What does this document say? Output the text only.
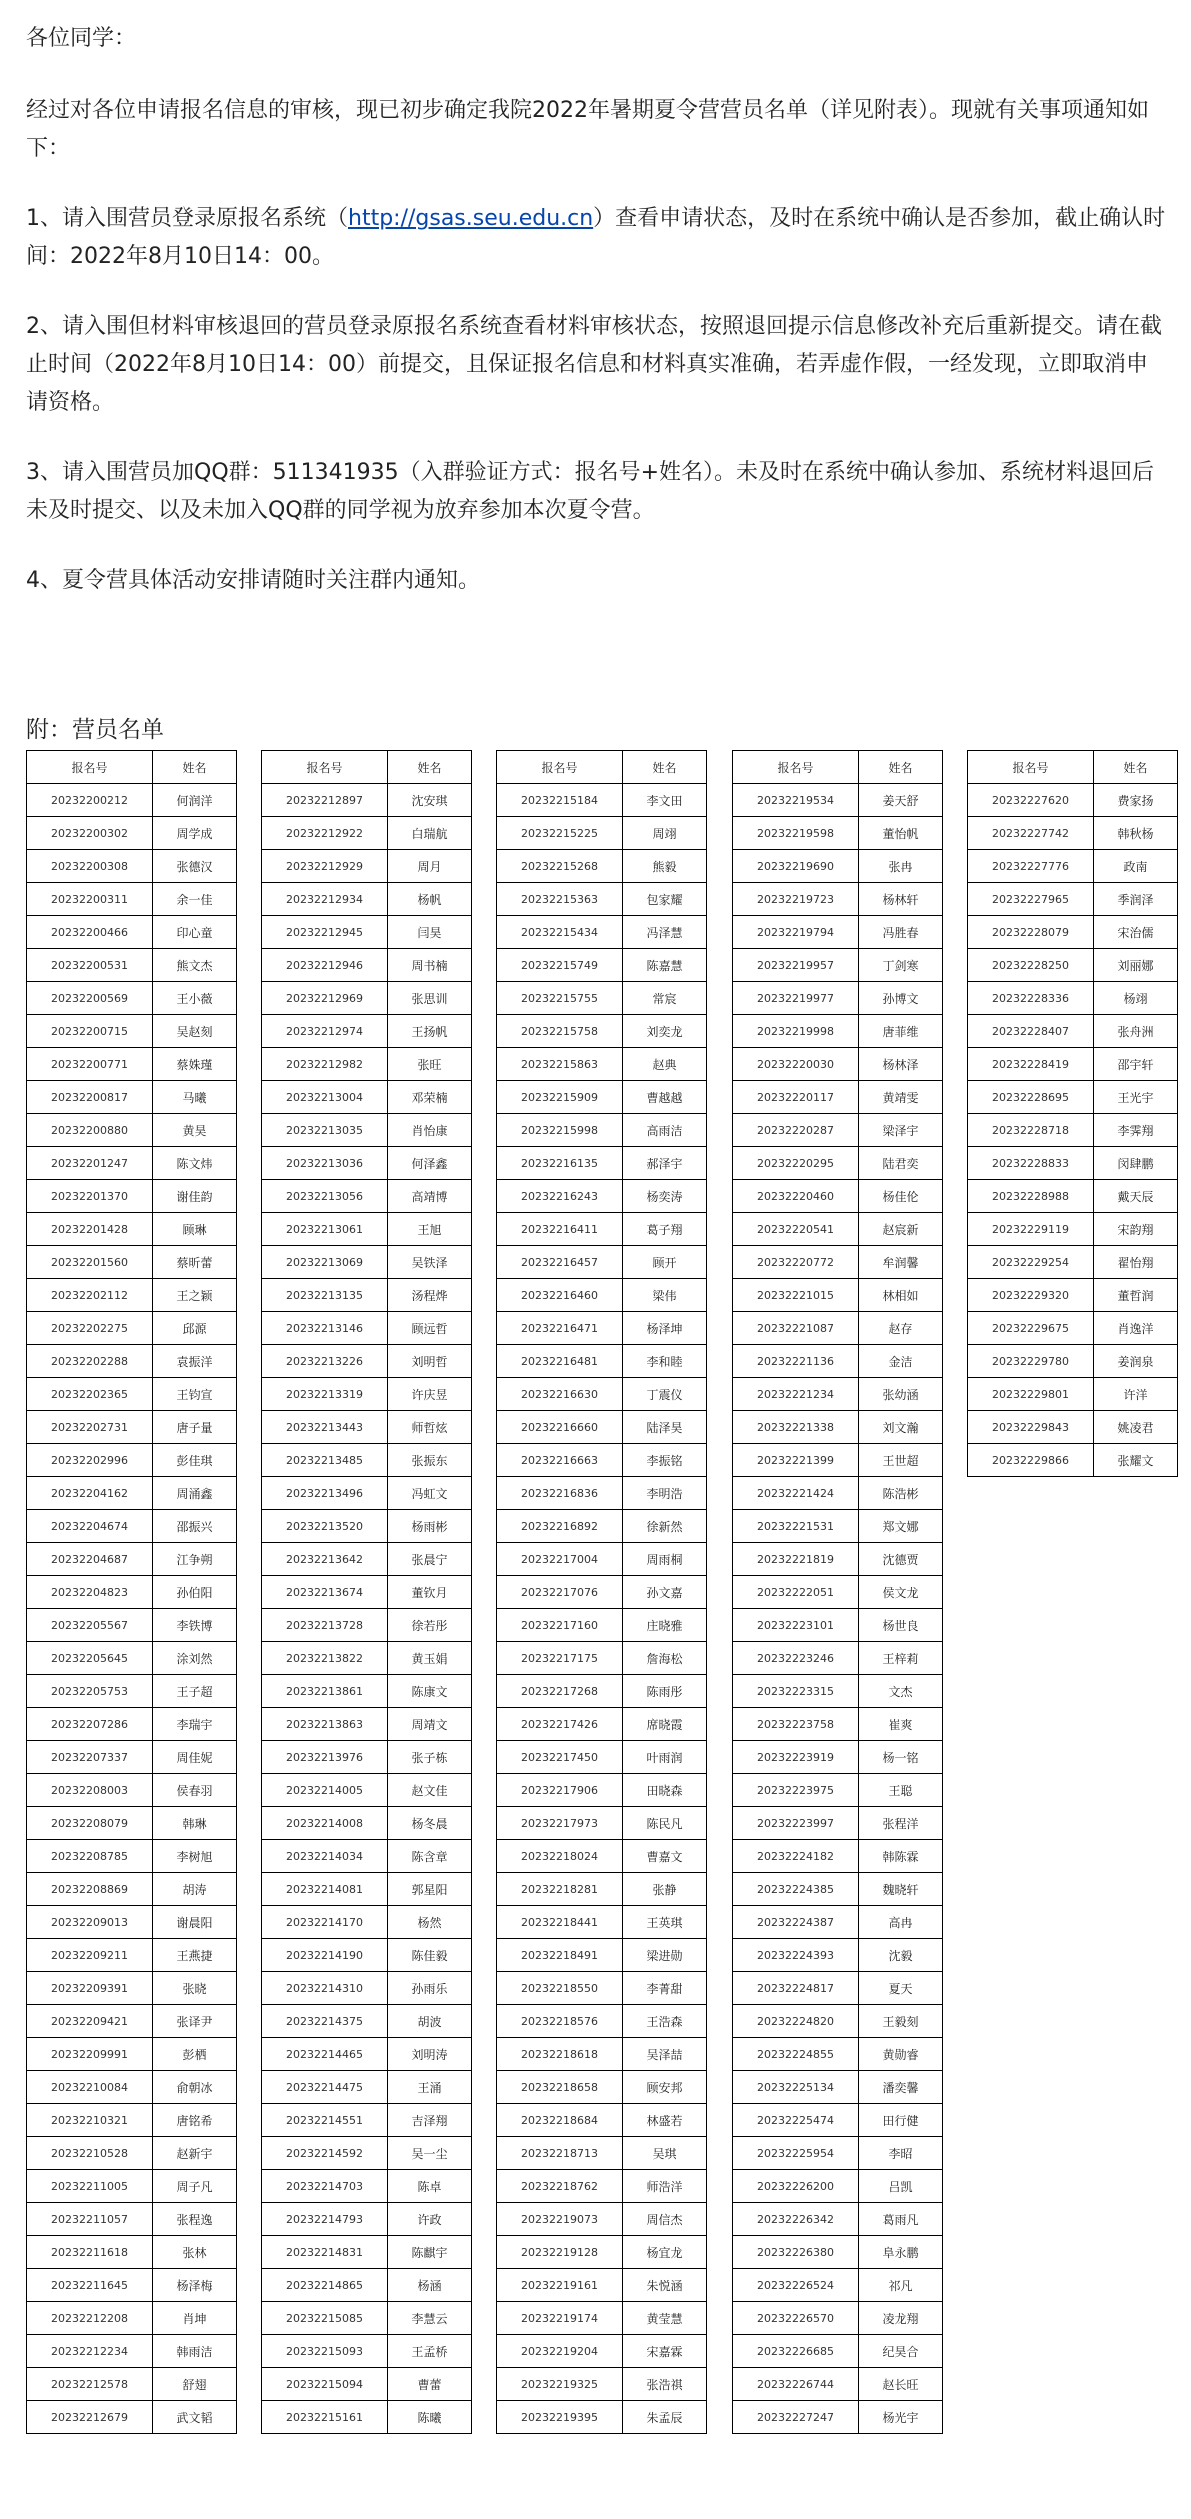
各位同学：

经过对各位申请报名信息的审核，现已初步确定我院2022年暑期夏令营营员名单（详见附表）。现就有关事项通知如下：

1、请入围营员登录原报名系统（http://gsas.seu.edu.cn）查看申请状态，及时在系统中确认是否参加，截止确认时间：2022年8月10日14：00。

2、请入围但材料审核退回的营员登录原报名系统查看材料审核状态，按照退回提示信息修改补充后重新提交。请在截止时间（2022年8月10日14：00）前提交，且保证报名信息和材料真实准确，若弄虚作假，一经发现，立即取消申请资格。

3、请入围营员加QQ群：511341935（入群验证方式：报名号+姓名）。未及时在系统中确认参加、系统材料退回后未及时提交、以及未加入QQ群的同学视为放弃参加本次夏令营。

4、夏令营具体活动安排请随时关注群内通知。

附：营员名单
报名号	姓名
20232200212	何润洋
20232200302	周学成
20232200308	张德汉
20232200311	余一佳
20232200466	印心童
20232200531	熊文杰
20232200569	王小薇
20232200715	吴赵刻
20232200771	蔡姝瑾
20232200817	马曦
20232200880	黄昊
20232201247	陈文炜
20232201370	谢佳韵
20232201428	顾琳
20232201560	蔡昕蕾
20232202112	王之颖
20232202275	邱源
20232202288	袁振洋
20232202365	王钧宣
20232202731	唐子量
20232202996	彭佳琪
20232204162	周涌鑫
20232204674	邵振兴
20232204687	江争朔
20232204823	孙伯阳
20232205567	李铁博
20232205645	涂刘然
20232205753	王子超
20232207286	李瑞宇
20232207337	周佳妮
20232208003	侯春羽
20232208079	韩琳
20232208785	李树旭
20232208869	胡涛
20232209013	谢晨阳
20232209211	王燕捷
20232209391	张晓
20232209421	张译尹
20232209991	彭栖
20232210084	俞朝冰
20232210321	唐铭希
20232210528	赵新宇
20232211005	周子凡
20232211057	张程逸
20232211618	张林
20232211645	杨泽梅
20232212208	肖坤
20232212234	韩雨洁
20232212578	舒翅
20232212679	武文韬
报名号	姓名
20232212897	沈安琪
20232212922	白瑞航
20232212929	周月
20232212934	杨帆
20232212945	闫昊
20232212946	周书楠
20232212969	张思训
20232212974	王扬帆
20232212982	张旺
20232213004	邓荣楠
20232213035	肖怡康
20232213036	何泽鑫
20232213056	高靖博
20232213061	王旭
20232213069	吴铁泽
20232213135	汤程烨
20232213146	顾远哲
20232213226	刘明哲
20232213319	许庆昱
20232213443	师哲炫
20232213485	张振东
20232213496	冯虹文
20232213520	杨雨彬
20232213642	张晨宁
20232213674	董钦月
20232213728	徐若彤
20232213822	黄玉娟
20232213861	陈康文
20232213863	周靖文
20232213976	张子栋
20232214005	赵文佳
20232214008	杨冬晨
20232214034	陈含章
20232214081	郭星阳
20232214170	杨然
20232214190	陈佳毅
20232214310	孙雨乐
20232214375	胡波
20232214465	刘明涛
20232214475	王涌
20232214551	吉泽翔
20232214592	吴一尘
20232214703	陈卓
20232214793	许政
20232214831	陈麒宇
20232214865	杨涵
20232215085	李慧云
20232215093	王孟桥
20232215094	曹蕾
20232215161	陈曦
报名号	姓名
20232215184	李文田
20232215225	周翊
20232215268	熊毅
20232215363	包家耀
20232215434	冯泽慧
20232215749	陈嘉慧
20232215755	常宸
20232215758	刘奕龙
20232215863	赵典
20232215909	曹越越
20232215998	高雨洁
20232216135	郝泽宇
20232216243	杨奕涛
20232216411	葛子翔
20232216457	顾开
20232216460	梁伟
20232216471	杨泽坤
20232216481	李和睦
20232216630	丁震仪
20232216660	陆泽昊
20232216663	李振铭
20232216836	李明浩
20232216892	徐新然
20232217004	周雨桐
20232217076	孙文嘉
20232217160	庄晓雅
20232217175	詹海松
20232217268	陈雨彤
20232217426	席晓霞
20232217450	叶雨润
20232217906	田晓森
20232217973	陈民凡
20232218024	曹嘉文
20232218281	张静
20232218441	王英琪
20232218491	梁进勋
20232218550	李菁甜
20232218576	王浩森
20232218618	吴泽喆
20232218658	顾安邦
20232218684	林盛若
20232218713	吴琪
20232218762	师浩洋
20232219073	周信杰
20232219128	杨宜龙
20232219161	朱悦涵
20232219174	黄莹慧
20232219204	宋嘉霖
20232219325	张浩祺
20232219395	朱孟辰
报名号	姓名
20232219534	姜天舒
20232219598	董怡帆
20232219690	张冉
20232219723	杨林轩
20232219794	冯胜春
20232219957	丁剑寒
20232219977	孙博文
20232219998	唐菲维
20232220030	杨林泽
20232220117	黄靖雯
20232220287	梁泽宇
20232220295	陆君奕
20232220460	杨佳伦
20232220541	赵宸新
20232220772	牟润馨
20232221015	林相如
20232221087	赵存
20232221136	金洁
20232221234	张幼涵
20232221338	刘文瀚
20232221399	王世超
20232221424	陈浩彬
20232221531	郑文娜
20232221819	沈德贾
20232222051	侯文龙
20232223101	杨世良
20232223246	王梓莉
20232223315	文杰
20232223758	崔爽
20232223919	杨一铭
20232223975	王聪
20232223997	张程洋
20232224182	韩陈霖
20232224385	魏晓轩
20232224387	高冉
20232224393	沈毅
20232224817	夏天
20232224820	王毅刻
20232224855	黄勋睿
20232225134	潘奕馨
20232225474	田行健
20232225954	李昭
20232226200	吕凯
20232226342	葛雨凡
20232226380	阜永鹏
20232226524	祁凡
20232226570	凌龙翔
20232226685	纪昊合
20232226744	赵长旺
20232227247	杨光宇
报名号	姓名
20232227620	费家扬
20232227742	韩秋杨
20232227776	政南
20232227965	季润泽
20232228079	宋治儒
20232228250	刘丽娜
20232228336	杨翊
20232228407	张舟洲
20232228419	邵宇轩
20232228695	王光宇
20232228718	李霁翔
20232228833	闵肆鹏
20232228988	戴天辰
20232229119	宋韵翔
20232229254	翟怡翔
20232229320	董哲润
20232229675	肖逸洋
20232229780	姜润泉
20232229801	许洋
20232229843	姚凌君
20232229866	张耀文
